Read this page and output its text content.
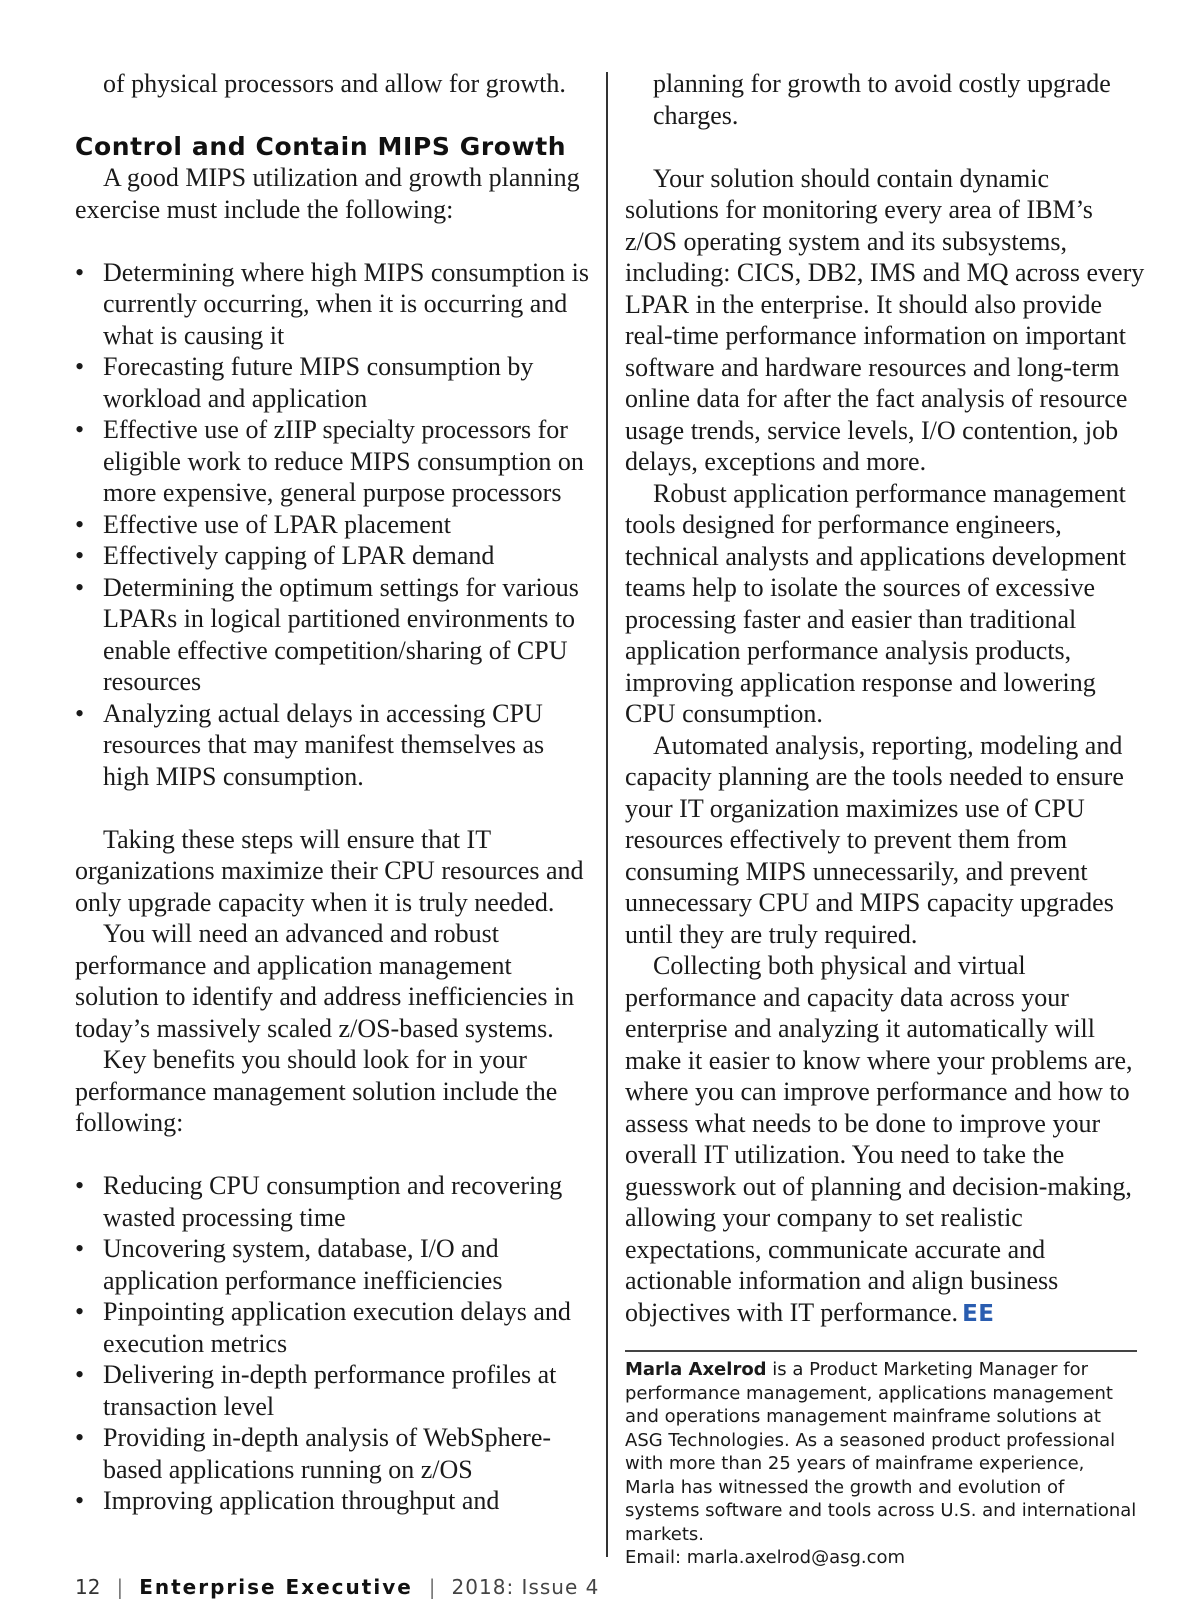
of physical processors and allow for growth.

Control and Contain MIPS Growth

A good MIPS utilization and growth planning exercise must include the following:

• Determining where high MIPS consumption is currently occurring, when it is occurring and what is causing it
• Forecasting future MIPS consumption by workload and application
• Effective use of zIIP specialty processors for eligible work to reduce MIPS consumption on more expensive, general purpose processors
• Effective use of LPAR placement
• Effectively capping of LPAR demand
• Determining the optimum settings for various LPARs in logical partitioned environments to enable effective competition/sharing of CPU resources
• Analyzing actual delays in accessing CPU resources that may manifest themselves as high MIPS consumption.

Taking these steps will ensure that IT organizations maximize their CPU resources and only upgrade capacity when it is truly needed.

You will need an advanced and robust performance and application management solution to identify and address inefficiencies in today’s massively scaled z/OS-based systems.

Key benefits you should look for in your performance management solution include the following:

• Reducing CPU consumption and recovering wasted processing time
• Uncovering system, database, I/O and application performance inefficiencies
• Pinpointing application execution delays and execution metrics
• Delivering in-depth performance profiles at transaction level
• Providing in-depth analysis of WebSphere-based applications running on z/OS
• Improving application throughput and

planning for growth to avoid costly upgrade charges.

Your solution should contain dynamic solutions for monitoring every area of IBM’s z/OS operating system and its subsystems, including: CICS, DB2, IMS and MQ across every LPAR in the enterprise. It should also provide real-time performance information on important software and hardware resources and long-term online data for after the fact analysis of resource usage trends, service levels, I/O contention, job delays, exceptions and more.

Robust application performance management tools designed for performance engineers, technical analysts and applications development teams help to isolate the sources of excessive processing faster and easier than traditional application performance analysis products, improving application response and lowering CPU consumption.

Automated analysis, reporting, modeling and capacity planning are the tools needed to ensure your IT organization maximizes use of CPU resources effectively to prevent them from consuming MIPS unnecessarily, and prevent unnecessary CPU and MIPS capacity upgrades until they are truly required.

Collecting both physical and virtual performance and capacity data across your enterprise and analyzing it automatically will make it easier to know where your problems are, where you can improve performance and how to assess what needs to be done to improve your overall IT utilization. You need to take the guesswork out of planning and decision-making, allowing your company to set realistic expectations, communicate accurate and actionable information and align business objectives with IT performance. EE

Marla Axelrod is a Product Marketing Manager for performance management, applications management and operations management mainframe solutions at ASG Technologies. As a seasoned product professional with more than 25 years of mainframe experience, Marla has witnessed the growth and evolution of systems software and tools across U.S. and international markets.
Email: marla.axelrod@asg.com
12 | Enterprise Executive | 2018: Issue 4
